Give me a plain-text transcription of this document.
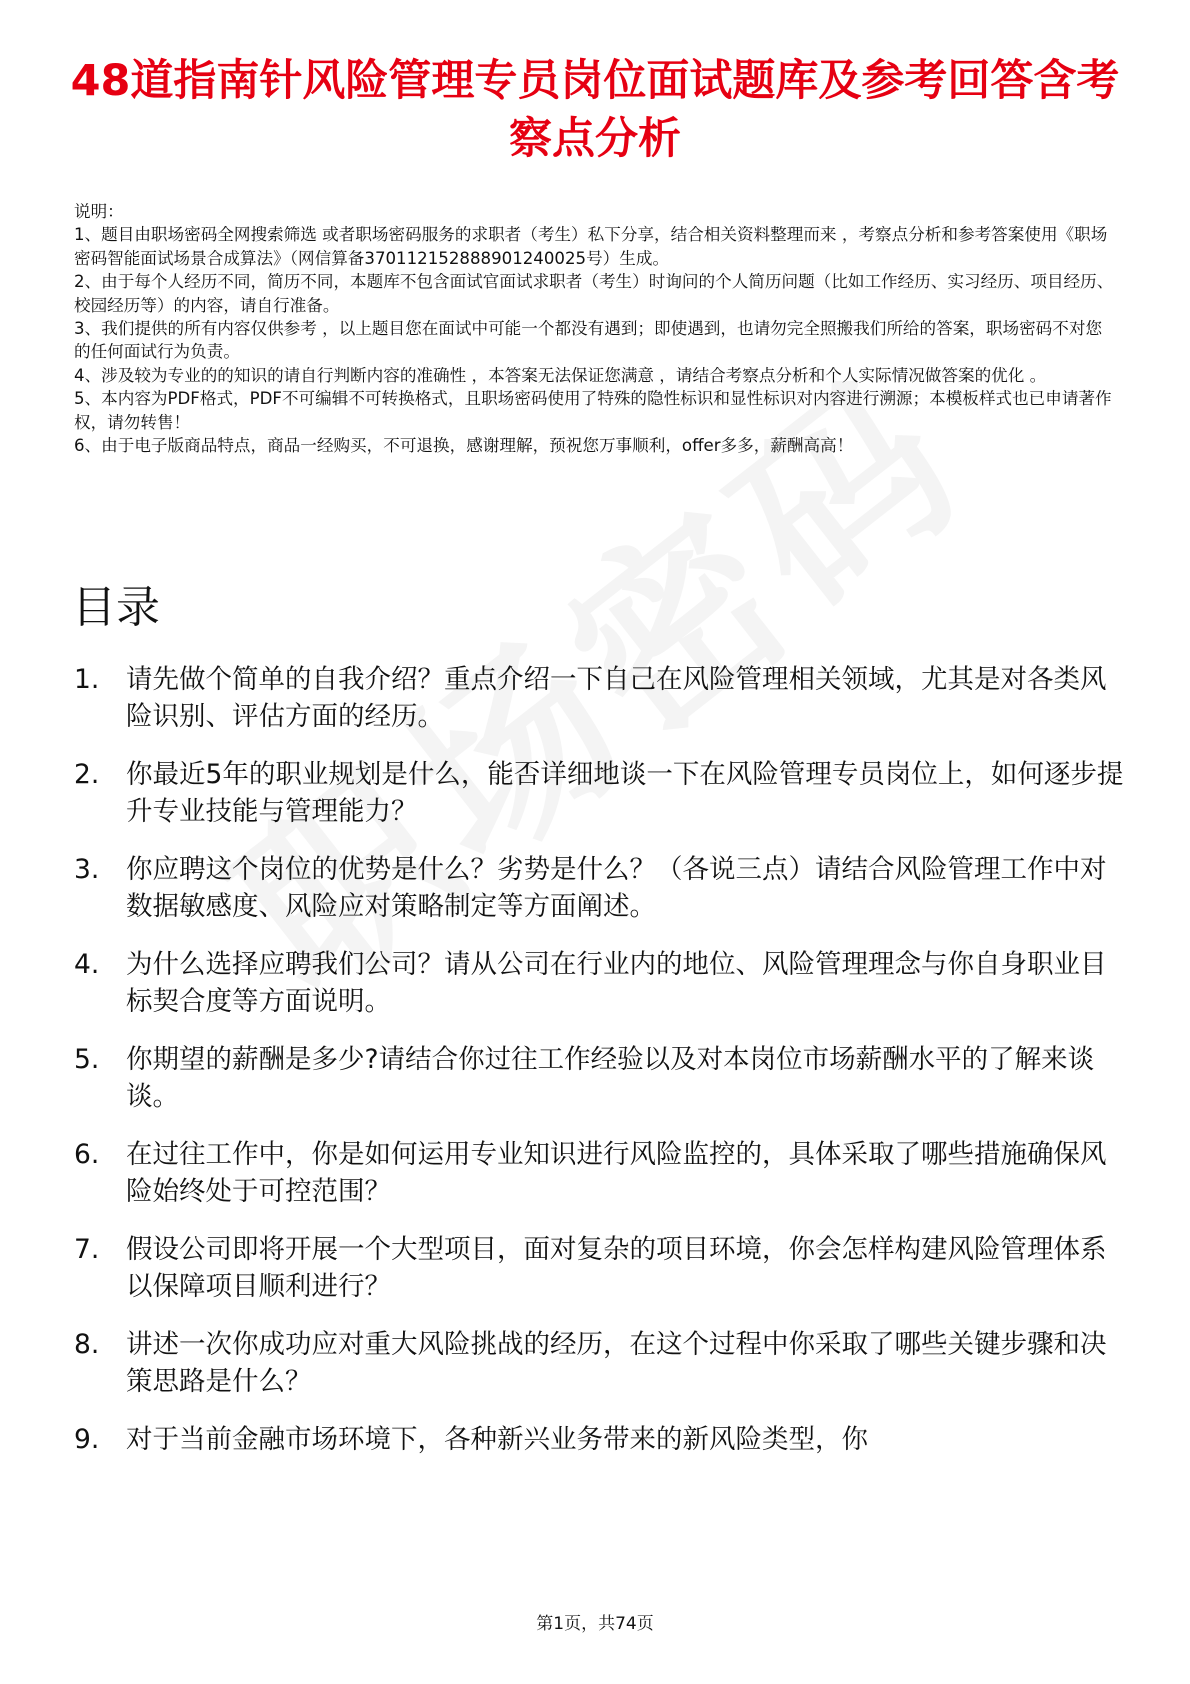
48道指南针风险管理专员岗位面试题库及参考回答含考察点分析

说明：

1、题目由职场密码全网搜索筛选 或者职场密码服务的求职者（考生）私下分享，结合相关资料整理而来 ，考察点分析和参考答案使用《职场密码智能面试场景合成算法》（网信算备370112152888901240025号）生成。

2、由于每个人经历不同，简历不同，本题库不包含面试官面试求职者（考生）时询问的个人简历问题（比如工作经历、实习经历、项目经历、校园经历等）的内容，请自行准备。

3、我们提供的所有内容仅供参考 ，以上题目您在面试中可能一个都没有遇到；即使遇到，也请勿完全照搬我们所给的答案，职场密码不对您的任何面试行为负责。

4、涉及较为专业的的知识的请自行判断内容的准确性 ，本答案无法保证您满意 ，请结合考察点分析和个人实际情况做答案的优化 。

5、本内容为PDF格式，PDF不可编辑不可转换格式，且职场密码使用了特殊的隐性标识和显性标识对内容进行溯源；本模板样式也已申请著作权，请勿转售！

6、由于电子版商品特点，商品一经购买，不可退换，感谢理解，预祝您万事顺利，offer多多，薪酬高高！

目录
1.	请先做个简单的自我介绍？重点介绍一下自己在风险管理相关领域，尤其是对各类风险识别、评估方面的经历。
2.	你最近5年的职业规划是什么，能否详细地谈一下在风险管理专员岗位上，如何逐步提升专业技能与管理能力？
3.	你应聘这个岗位的优势是什么？劣势是什么？（各说三点）请结合风险管理工作中对数据敏感度、风险应对策略制定等方面阐述。
4.	为什么选择应聘我们公司？请从公司在行业内的地位、风险管理理念与你自身职业目标契合度等方面说明。
5.	你期望的薪酬是多少?请结合你过往工作经验以及对本岗位市场薪酬水平的了解来谈谈。
6.	在过往工作中，你是如何运用专业知识进行风险监控的，具体采取了哪些措施确保风险始终处于可控范围？
7.	假设公司即将开展一个大型项目，面对复杂的项目环境，你会怎样构建风险管理体系以保障项目顺利进行？
8.	讲述一次你成功应对重大风险挑战的经历，在这个过程中你采取了哪些关键步骤和决策思路是什么？
9.	对于当前金融市场环境下，各种新兴业务带来的新风险类型，你
第1页，共74页
